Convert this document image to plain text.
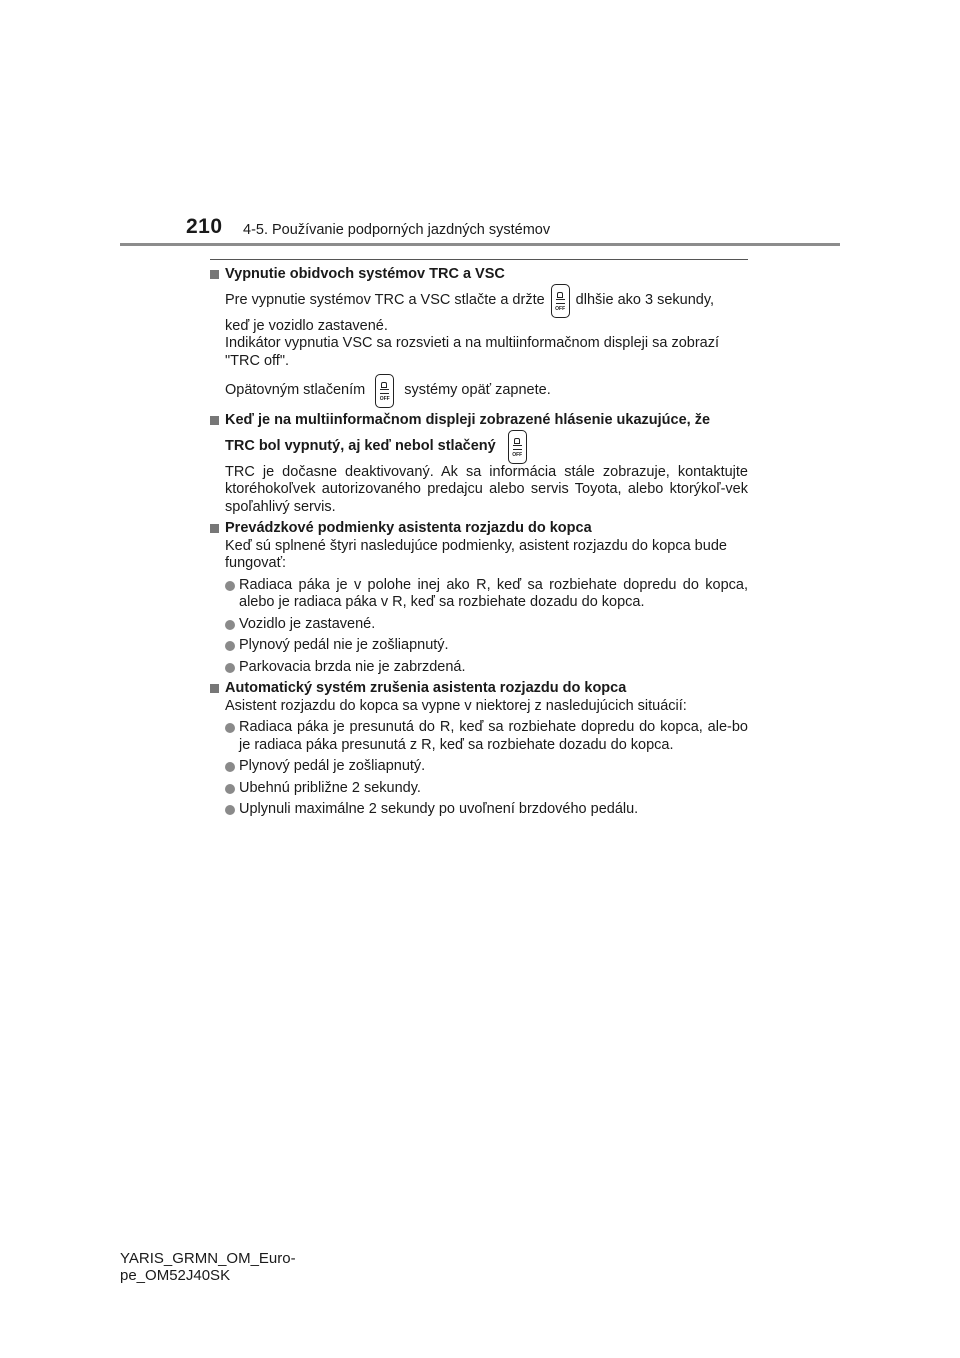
210 4-5. Používanie podporných jazdných systémov
Vypnutie obidvoch systémov TRC a VSC
Pre vypnutie systémov TRC a VSC stlačte a držte
OFF
dlhšie ako 3 sekundy,
keď je vozidlo zastavené.
Indikátor vypnutia VSC sa rozsvieti a na multiinformačnom displeji sa zobrazí
"TRC off".
Opätovným stlačením
OFF
systémy opäť zapnete.
Keď je na multiinformačnom displeji zobrazené hlásenie ukazujúce, že
TRC bol vypnutý, aj keď nebol stlačený
OFF
TRC je dočasne deaktivovaný. Ak sa informácia stále zobrazuje, kontaktujte ktoréhokoľvek autorizovaného predajcu alebo servis Toyota, alebo ktorýkoľ-vek spoľahlivý servis.
Prevádzkové podmienky asistenta rozjazdu do kopca
Keď sú splnené štyri nasledujúce podmienky, asistent rozjazdu do kopca bude fungovať:
Radiaca páka je v polohe inej ako R, keď sa rozbiehate dopredu do kopca, alebo je radiaca páka v R, keď sa rozbiehate dozadu do kopca.
Vozidlo je zastavené.
Plynový pedál nie je zošliapnutý.
Parkovacia brzda nie je zabrzdená.
Automatický systém zrušenia asistenta rozjazdu do kopca
Asistent rozjazdu do kopca sa vypne v niektorej z nasledujúcich situácií:
Radiaca páka je presunutá do R, keď sa rozbiehate dopredu do kopca, ale-bo je radiaca páka presunutá z R, keď sa rozbiehate dozadu do kopca.
Plynový pedál je zošliapnutý.
Ubehnú približne 2 sekundy.
Uplynuli maximálne 2 sekundy po uvoľnení brzdového pedálu.
YARIS_GRMN_OM_Euro-
pe_OM52J40SK
